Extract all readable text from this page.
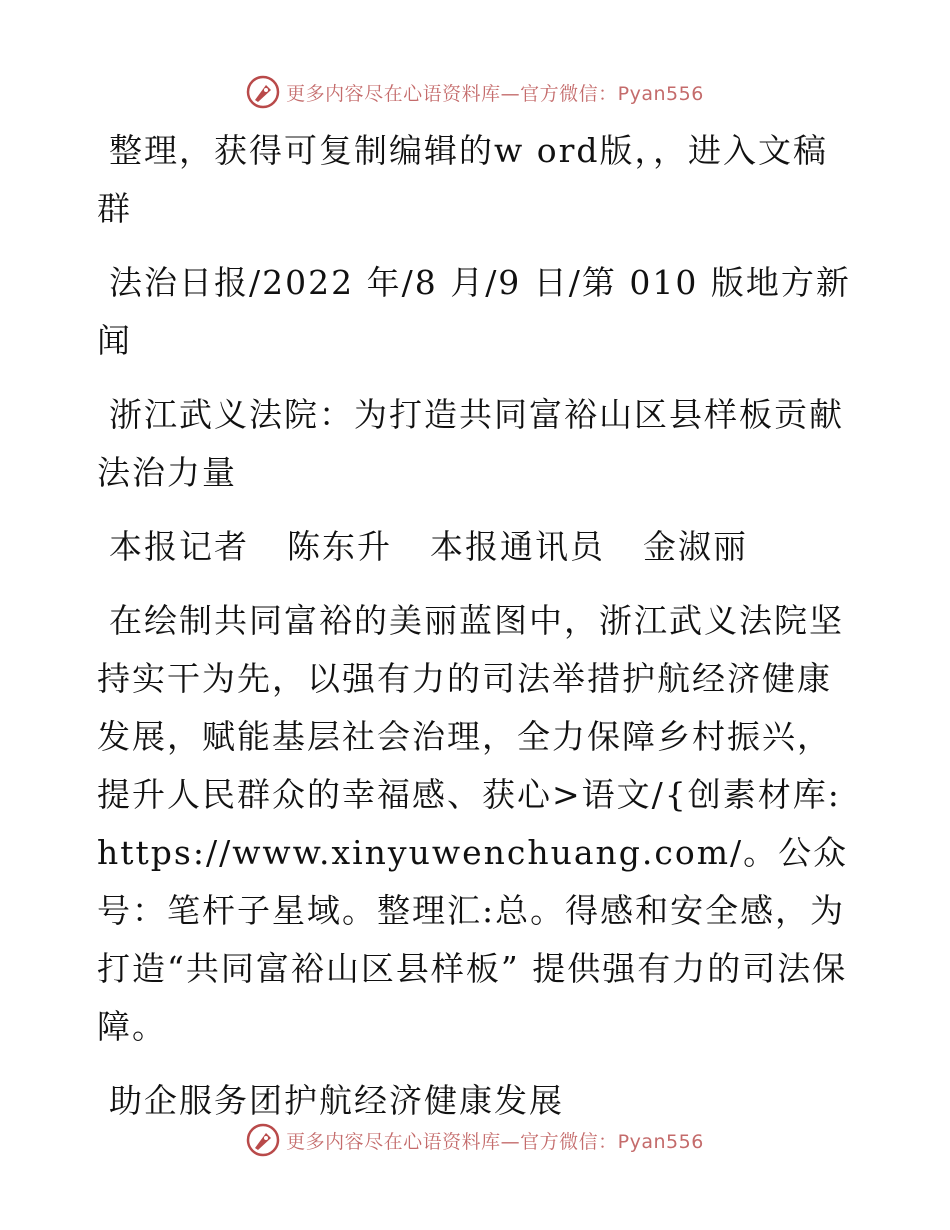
更多内容尽在心语资料库—官方微信：Pyan556

整理，获得可复制编辑的w ord版，，进入文稿群

法治日报/2022 年/8 月/9 日/第 010 版地方新闻

浙江武义法院：为打造共同富裕山区县样板贡献法治力量

本报记者 陈东升 本报通讯员 金淑丽

在绘制共同富裕的美丽蓝图中，浙江武义法院坚持实干为先，以强有力的司法举措护航经济健康发展，赋能基层社会治理，全力保障乡村振兴，提升人民群众的幸福感、获心>语文/{创素材库: https://www.xinyuwenchuang.com/。公众号：笔杆子星域。整理汇:总。得感和安全感，为打造“共同富裕山区县样板” 提供强有力的司法保障。

助企服务团护航经济健康发展

更多内容尽在心语资料库—官方微信：Pyan556
